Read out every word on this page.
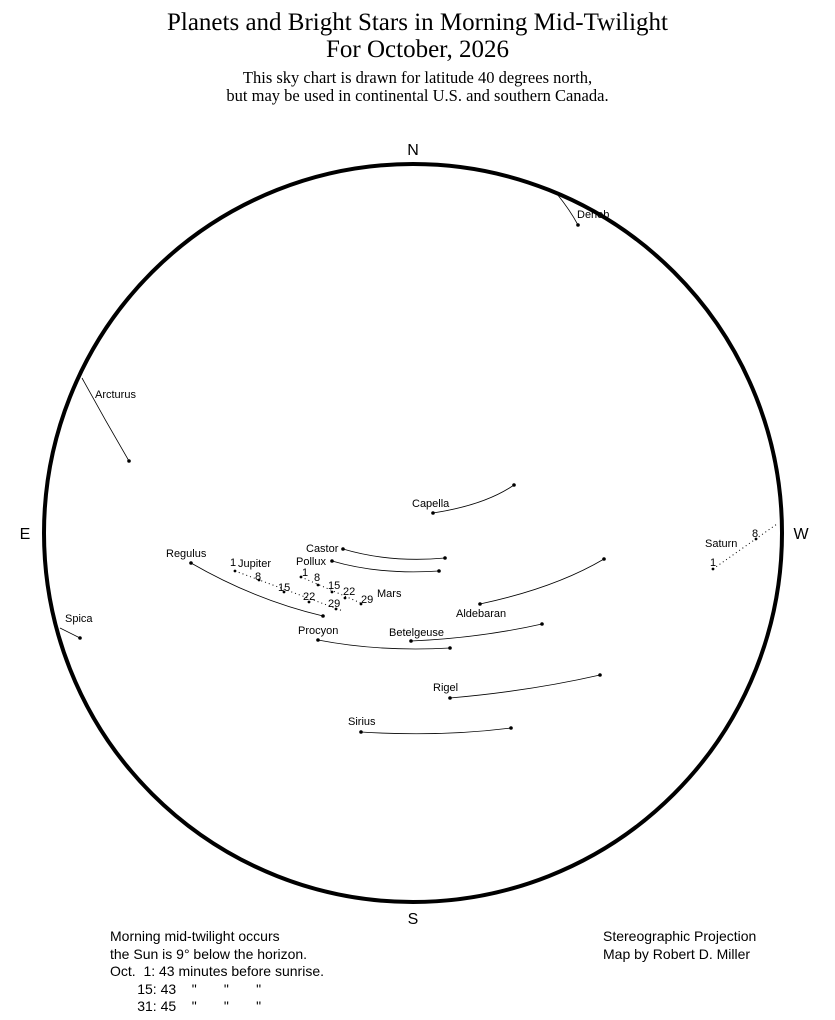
Planets and Bright Stars in Morning Mid-Twilight
For October, 2026
This sky chart is drawn for latitude 40 degrees north,
but may be used in continental U.S. and southern Canada.
N
S
E	W
Deneb
Arcturus
Capella
Castor
Pollux
Regulus
Aldebaran
Spica
Procyon	Betelgeuse
Rigel
Sirius
Jupiter
1
8
15
22
29
Mars
1 8
15 22
29
Saturn
1
8
Morning mid-twilight occurs
the Sun is 9° below the horizon.
Oct.  1: 43 minutes before sunrise.
15: 43    "       "       "
31: 45    "       "       "
Stereographic Projection
Map by Robert D. Miller
